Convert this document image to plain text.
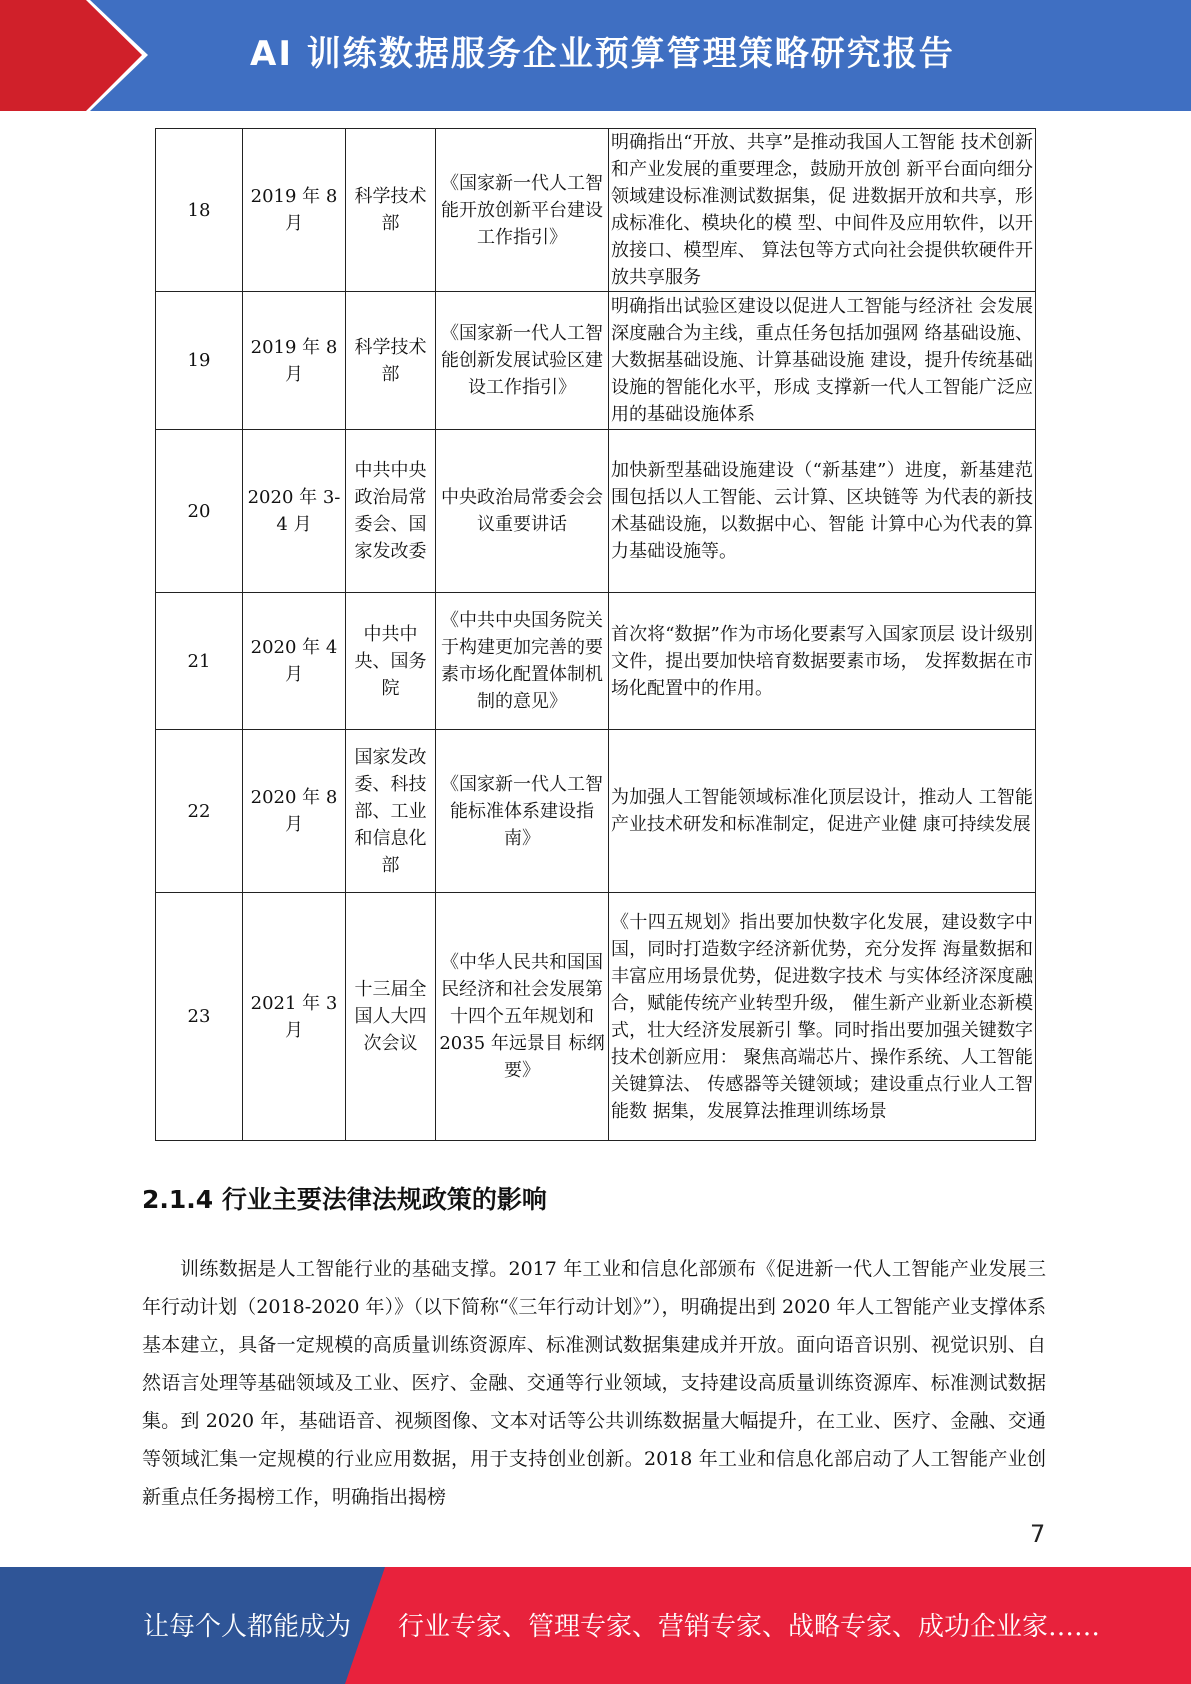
AI 训练数据服务企业预算管理策略研究报告
18	2019 年 8 月	科学技术部	《国家新一代人工智能开放创新平台建设工作指引》	明确指出“开放、共享”是推动我国人工智能 技术创新和产业发展的重要理念，鼓励开放创 新平台面向细分领域建设标准测试数据集，促 进数据开放和共享，形成标准化、模块化的模 型、中间件及应用软件，以开放接口、模型库、 算法包等方式向社会提供软硬件开放共享服务
19	2019 年 8 月	科学技术部	《国家新一代人工智能创新发展试验区建设工作指引》	明确指出试验区建设以促进人工智能与经济社 会发展深度融合为主线，重点任务包括加强网 络基础设施、大数据基础设施、计算基础设施 建设，提升传统基础设施的智能化水平，形成 支撑新一代人工智能广泛应用的基础设施体系
20	2020 年 3-4 月	中共中央政治局常委会、国家发改委	中央政治局常委会会议重要讲话	加快新型基础设施建设（“新基建”）进度，新基建范围包括以人工智能、云计算、区块链等 为代表的新技术基础设施，以数据中心、智能 计算中心为代表的算力基础设施等。
21	2020 年 4 月	中共中央、国务院	《中共中央国务院关于构建更加完善的要素市场化配置体制机制的意见》	首次将“数据”作为市场化要素写入国家顶层 设计级别文件，提出要加快培育数据要素市场， 发挥数据在市场化配置中的作用。
22	2020 年 8 月	国家发改委、科技部、工业和信息化部	《国家新一代人工智能标准体系建设指南》	为加强人工智能领域标准化顶层设计，推动人 工智能产业技术研发和标准制定，促进产业健 康可持续发展
23	2021 年 3 月	十三届全国人大四次会议	《中华人民共和国国民经济和社会发展第十四个五年规划和 2035 年远景目 标纲要》	《十四五规划》指出要加快数字化发展，建设数字中国，同时打造数字经济新优势，充分发挥 海量数据和丰富应用场景优势，促进数字技术 与实体经济深度融合，赋能传统产业转型升级， 催生新产业新业态新模式，壮大经济发展新引 擎。同时指出要加强关键数字技术创新应用： 聚焦高端芯片、操作系统、人工智能关键算法、 传感器等关键领域；建设重点行业人工智能数 据集，发展算法推理训练场景
2.1.4 行业主要法律法规政策的影响

训练数据是人工智能行业的基础支撑。2017 年工业和信息化部颁布《促进新一代人工智能产业发展三年行动计划（2018-2020 年）》（以下简称“《三年行动计划》”），明确提出到 2020 年人工智能产业支撑体系基本建立，具备一定规模的高质量训练资源库、标准测试数据集建成并开放。面向语音识别、视觉识别、自然语言处理等基础领域及工业、医疗、金融、交通等行业领域，支持建设高质量训练资源库、标准测试数据集。到 2020 年，基础语音、视频图像、文本对话等公共训练数据量大幅提升，在工业、医疗、金融、交通等领域汇集一定规模的行业应用数据，用于支持创业创新。2018 年工业和信息化部启动了人工智能产业创新重点任务揭榜工作，明确指出揭榜

7
让每个人都能成为 行业专家、管理专家、营销专家、战略专家、成功企业家……
